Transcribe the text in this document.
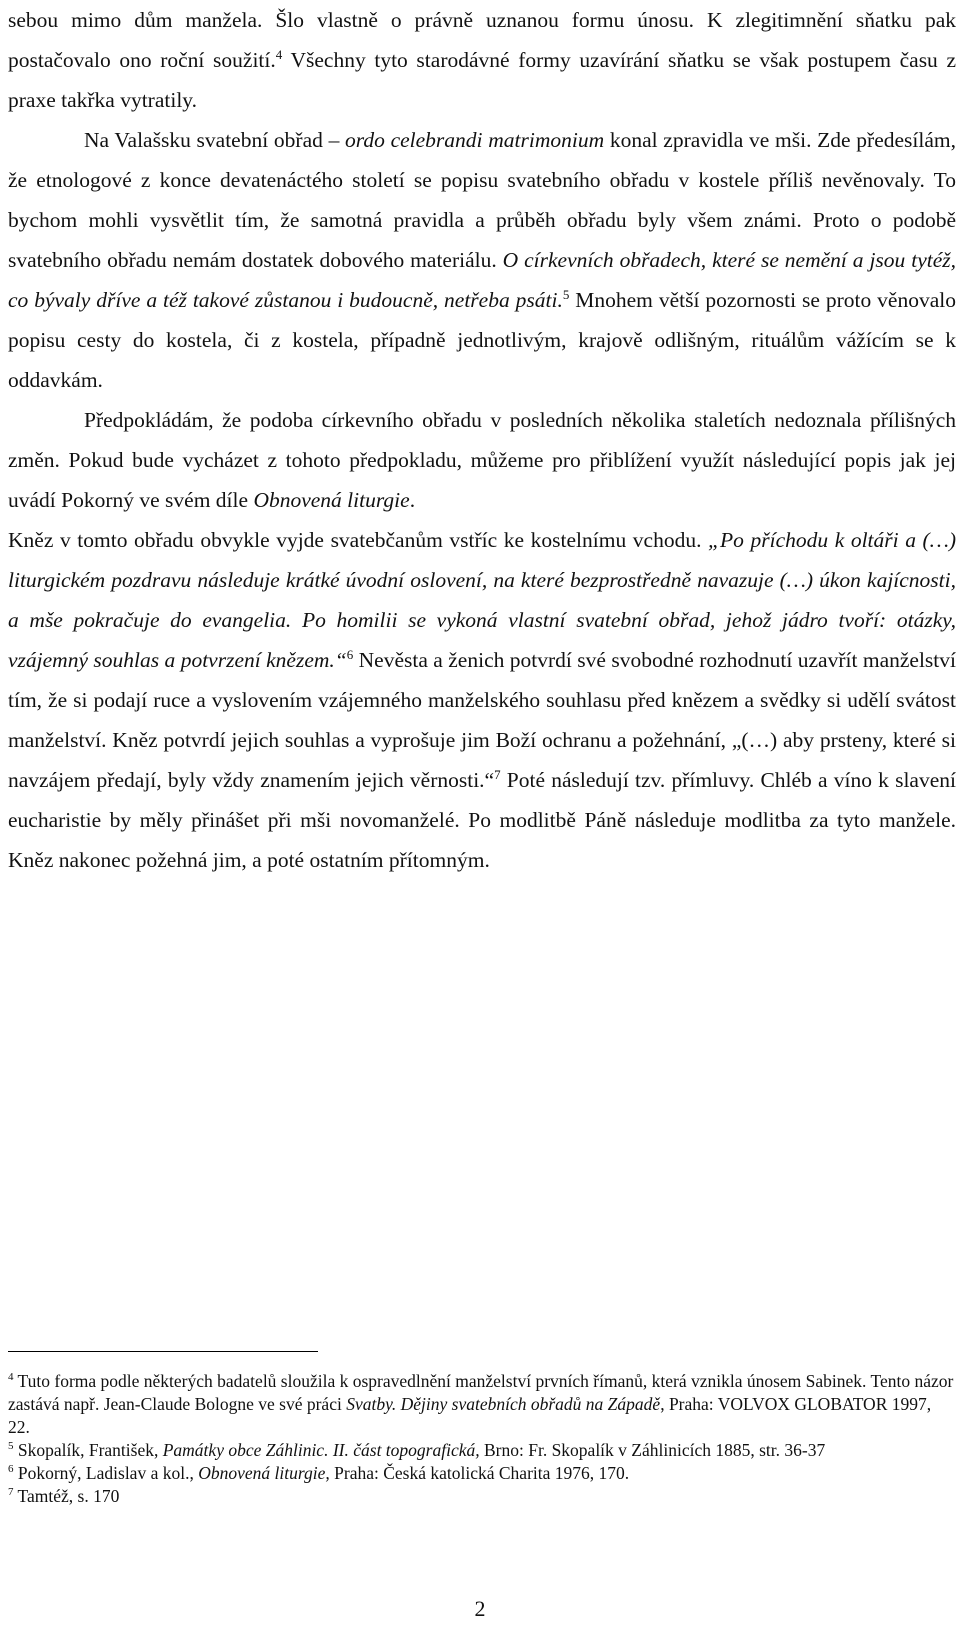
sebou mimo dům manžela. Šlo vlastně o právně uznanou formu únosu. K zlegitimnění sňatku pak postačovalo ono roční soužití.$^4$ Všechny tyto starodávné formy uzavírání sňatku se však postupem času z praxe takřka vytratily.

Na Valašsku svatební obřad – ordo celebrandi matrimonium konal zpravidla ve mši. Zde předesílám, že etnologové z konce devatenáctého století se popisu svatebního obřadu v kostele příliš nevěnovaly. To bychom mohli vysvětlit tím, že samotná pravidla a průběh obřadu byly všem známi. Proto o podobě svatebního obřadu nemám dostatek dobového materiálu. O církevních obřadech, které se nemění a jsou tytéž, co bývaly dříve a též takové zůstanou i budoucně, netřeba psáti.$^5$ Mnohem větší pozornosti se proto věnovalo popisu cesty do kostela, či z kostela, případně jednotlivým, krajově odlišným, rituálům vážícím se k oddavkám.

Předpokládám, že podoba církevního obřadu v posledních několika staletích nedoznala přílišných změn. Pokud bude vycházet z tohoto předpokladu, můžeme pro přiblížení využít následující popis jak jej uvádí Pokorný ve svém díle Obnovená liturgie.

Kněz v tomto obřadu obvykle vyjde svatebčanům vstříc ke kostelnímu vchodu. „Po příchodu k oltáři a (…) liturgickém pozdravu následuje krátké úvodní oslovení, na které bezprostředně navazuje (…) úkon kajícnosti, a mše pokračuje do evangelia. Po homilii se vykoná vlastní svatební obřad, jehož jádro tvoří: otázky, vzájemný souhlas a potvrzení knězem.“$^6$ Nevěsta a ženich potvrdí své svobodné rozhodnutí uzavřít manželství tím, že si podají ruce a vyslovením vzájemného manželského souhlasu před knězem a svědky si udělí svátost manželství. Kněz potvrdí jejich souhlas a vyprošuje jim Boží ochranu a požehnání, „(…) aby prsteny, které si navzájem předají, byly vždy znamením jejich věrnosti.“$^7$ Poté následují tzv. přímluvy. Chléb a víno k slavení eucharistie by měly přinášet při mši novomanželé. Po modlitbě Páně následuje modlitba za tyto manžele. Kněz nakonec požehná jim, a poté ostatním přítomným.

$^4$ Tuto forma podle některých badatelů sloužila k ospravedlnění manželství prvních římanů, která vznikla únosem Sabinek. Tento názor zastává např. Jean-Claude Bologne ve své práci Svatby. Dějiny svatebních obřadů na Západě, Praha: VOLVOX GLOBATOR 1997, 22.

$^5$ Skopalík, František, Památky obce Záhlinic. II. část topografická, Brno: Fr. Skopalík v Záhlinicích 1885, str. 36-37

$^6$ Pokorný, Ladislav a kol., Obnovená liturgie, Praha: Česká katolická Charita 1976, 170.

$^7$ Tamtéž, s. 170

2
